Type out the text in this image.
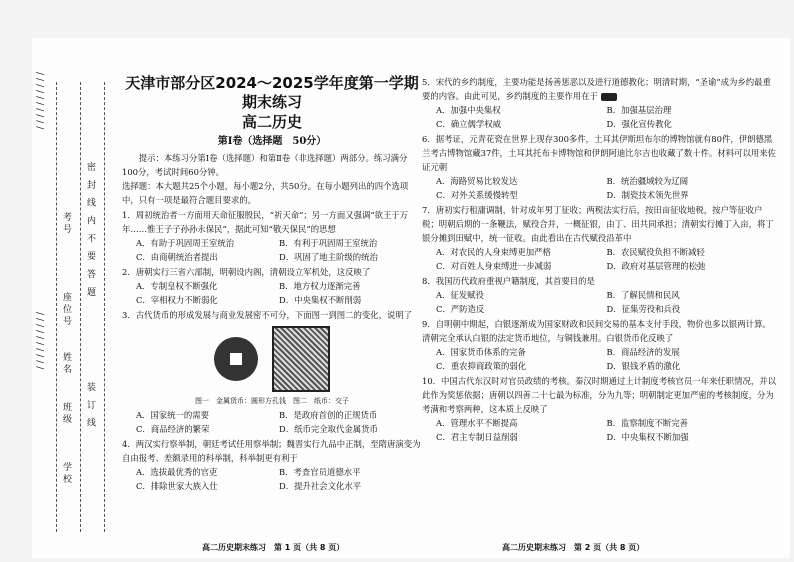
//////////
//////////
考号
座位号
姓名
班级
学校
密 封 线 内 不 要 答 题
装 订 线
天津市部分区2024～2025学年度第一学期期末练习
高二历史
第Ⅰ卷（选择题　50分）

提示：本练习分第Ⅰ卷（选择题）和第Ⅱ卷（非选择题）两部分。练习满分100分，考试时间60分钟。

选择题：本大题共25个小题，每小题2分，共50分。在每小题列出的四个选项中，只有一项是最符合题目要求的。

1．周初统治者一方面用天命征服殷民，“祈天命”；另一方面又强调“欲王于万年……惟王子子孙孙永保民”，据此可知“敬天保民”的思想

A．有助于巩固周王室统治	B．有利于巩固周王室统治
C．由商朝统治者提出	D．巩固了地主阶级的统治

2．唐朝实行三省六部制，明朝设内阁，清朝设立军机处，这反映了

A．专制皇权不断强化	B．地方权力逐渐完善
C．宰相权力不断弱化	D．中央集权不断削弱

3．古代货币的形成发展与商业发展密不可分，下面图一到图二的变化，说明了

图一　金属货币：圆形方孔钱　 图二　纸币：交子
A．国家统一的需要	B．是政府首创的正规货币
C．商品经济的繁荣	D．纸币完全取代金属货币

4．两汉实行察举制，朝廷考试任用察举制；魏晋实行九品中正制，至隋唐演变为自由报考、差额录用的科举制，科举制更有利于

A．选拔最优秀的官吏	B．考查官员道德水平
C．排除世家大族入仕	D．提升社会文化水平

5．宋代的乡约制度，主要功能是扬善惩恶以及进行道德教化；明清时期，“圣谕”成为乡约最重要的内容。由此可见，乡约制度的主要作用在于

A．加强中央集权	B．加强基层治理
C．确立儒学权威	D．强化宣传教化

6．据考证，元青花瓷在世界上现存300多件，土耳其伊斯坦布尔的博物馆就有80件，伊朗德黑兰考古博物馆藏37件，土耳其托布卡博物馆和伊朗阿迪比尔吉也收藏了数十件。材料可以用来佐证元朝

A．海路贸易比较发达	B．统治疆域较为辽阔
C．对外关系缓慢转型	D．制瓷技术领先世界

7．唐初实行租庸调制，针对成年男丁征收；两税法实行后，按田亩征收地税，按户等征收户税；明朝后期的一条鞭法，赋役合并，一概征银，由丁、田共同承担；清朝实行摊丁入亩，将丁银分摊到田赋中，统一征收。由此看出在古代赋役沿革中

A．对农民的人身束缚更加严格	B．农民赋役负担不断减轻
C．对百姓人身束缚进一步减弱	D．政府对基层管理的松弛

8．我国历代政府重视户籍制度，其首要目的是

A．征发赋役	B．了解民情和民风
C．严防造反	D．征集劳役和兵役

9．自明朝中期起，白银逐渐成为国家财政和民间交易的基本支付手段，物价也多以银两计算。清朝完全承认白银的法定货币地位，与铜钱兼用。白银货币化反映了

A．国家货币体系的完备	B．商品经济的发展
C．重农抑商政策的弱化	D．银钱矛盾的激化

10．中国古代东汉时对官员政绩的考核。秦汉时期通过上计制度考核官员一年来任职情况，并以此作为奖惩依据；唐朝以四善二十七最为标准，分为九等；明朝制定更加严密的考核制度，分为考满和考察两种，这本质上反映了

A．管理水平不断提高	B．监察制度不断完善
C．君主专制日益削弱	D．中央集权不断加强
高二历史期末练习　第 1 页（共 8 页）	高二历史期末练习　第 2 页（共 8 页）
